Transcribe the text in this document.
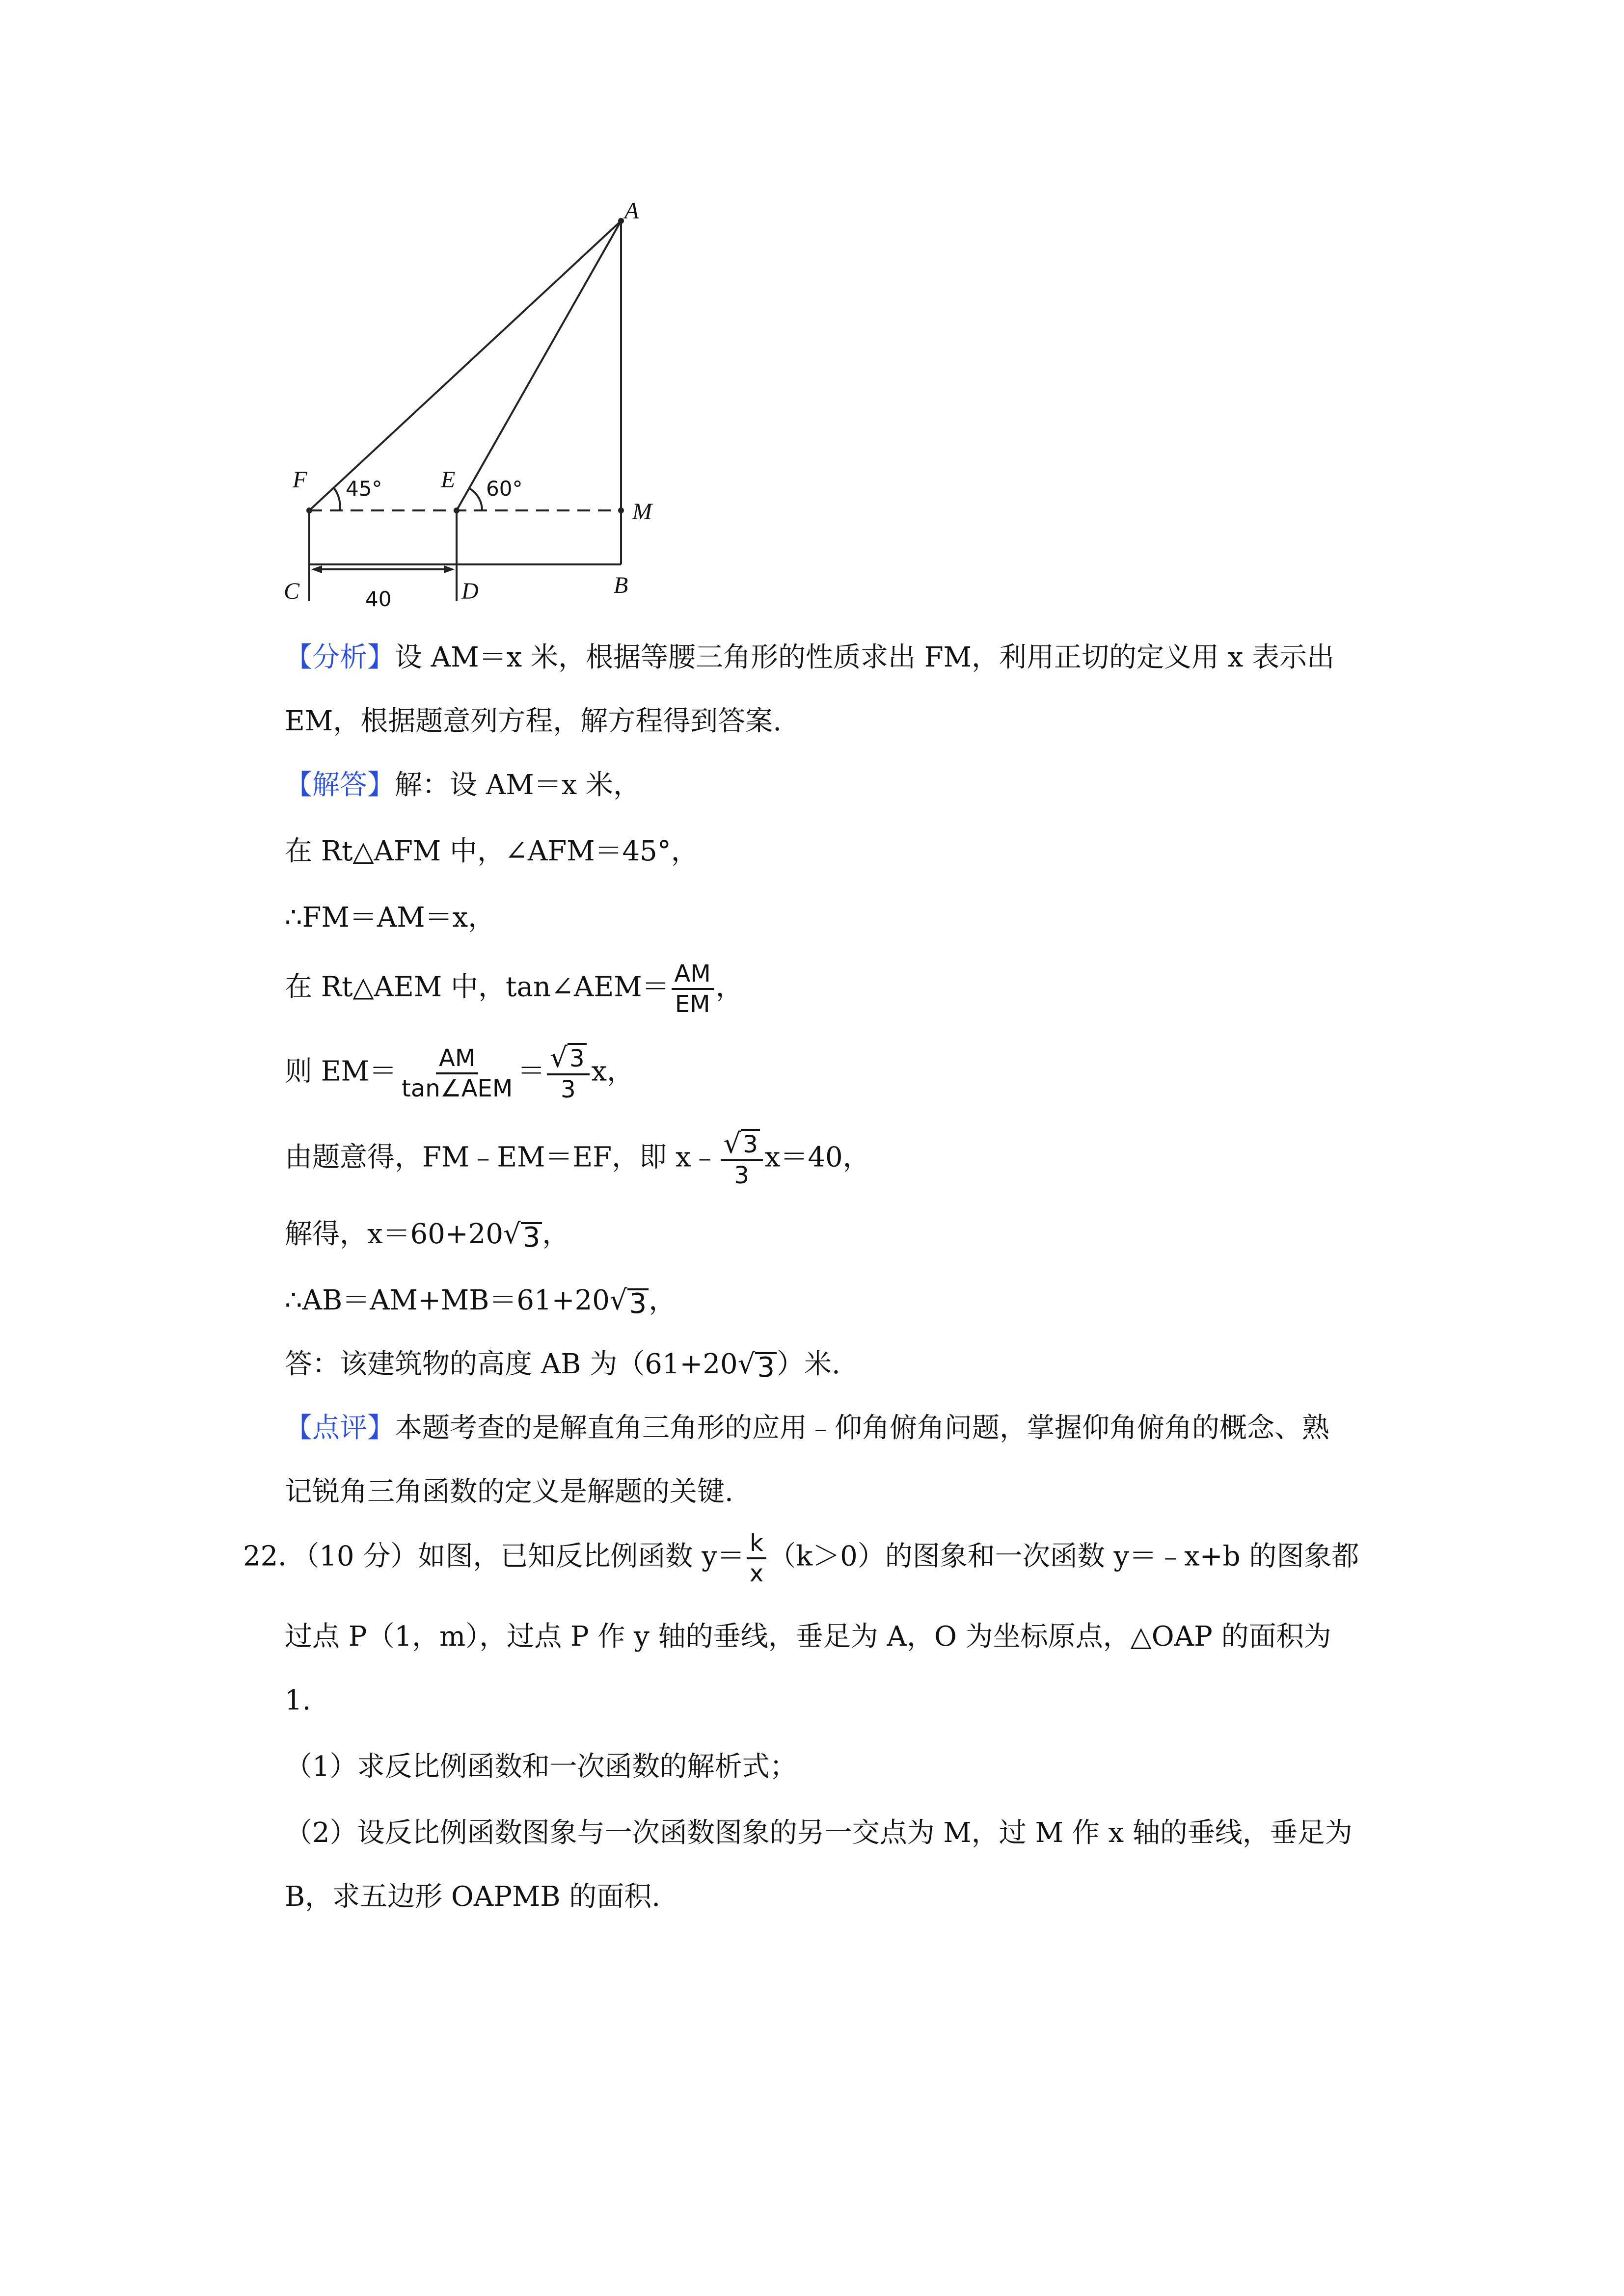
A
F	E
M
C	D	B
45°	60°
40
【分析】设 AM＝x 米，根据等腰三角形的性质求出 FM，利用正切的定义用 x 表示出
EM，根据题意列方程，解方程得到答案.
【解答】解：设 AM＝x 米，
在 Rt△AFM 中，∠AFM＝45°，
∴FM＝AM＝x，
在 Rt△AEM 中，tan∠AEM＝ $\frac{AM}{EM}$ ，
则 $EM= \frac{AM}{\text{tan∠AEM}} = \frac{√ 3}{3}$ x，
由题意得，FM﹣EM＝EF，即 x﹣ $\frac{√ 3}{3} x=40$，
解得，x＝60+20 √ 3 ，
∴AB＝AM+MB＝61+20 √ 3 ，
答：该建筑物的高度 AB 为（61+20 √ 3 ）米.
【点评】本题考查的是解直角三角形的应用﹣仰角俯角问题，掌握仰角俯角的概念、熟
记锐角三角函数的定义是解题的关键.
22．（10 分）如图，已知反比例函数 $y= \frac{k}{x} (k>0)$的图象和一次函数 y＝﹣x+b 的图象都
过点 P（1，m），过点 P 作 y 轴的垂线，垂足为 A，O 为坐标原点，△OAP 的面积为
1.
（1）求反比例函数和一次函数的解析式；
（2）设反比例函数图象与一次函数图象的另一交点为 M，过 M 作 x 轴的垂线，垂足为
B，求五边形 OAPMB 的面积.
